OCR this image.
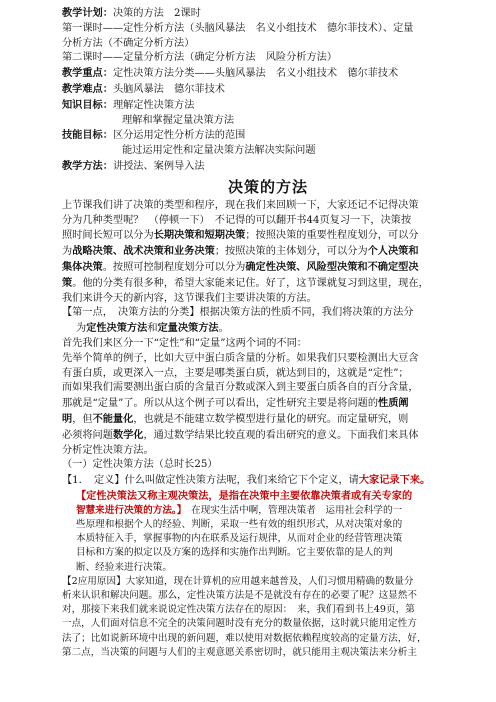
教学计划：决策的方法　2课时
第一课时——定性分析方法（头脑风暴法　名义小组技术　德尔菲技术）、定量
分析方法（不确定分析方法）
第二课时——定量分析方法（确定分析方法　风险分析方法）
教学重点：定性决策方法分类——头脑风暴法　名义小组技术　德尔菲技术
教学难点：头脑风暴法　德尔菲技术
知识目标：理解定性决策方法
理解和掌握定量决策方法
技能目标：区分运用定性分析方法的范围
能过运用定性和定量决策方法解决实际问题
教学方法：讲授法、案例导入法
决策的方法
上节课我们讲了决策的类型和程序，现在我们来回顾一下，大家还记不记得决策
分为几种类型呢？　（停顿一下）　不记得的可以翻开书44页复习一下，决策按
照时间长短可以分为长期决策和短期决策；按照决策的重要性程度划分，可以分
为战略决策、战术决策和业务决策；按照决策的主体划分，可以分为个人决策和
集体决策。按照可控制程度划分可以分为确定性决策、风险型决策和不确定型决
策。他的分类有很多种，希望大家能来记住。好了，这节课就复习到这里，现在，
我们来讲今天的新内容，这节课我们主要讲决策的方法。
【第一点，　决策方法的分类】根据决策方法的性质不同，我们将决策的方法分
为定性决策方法和定量决策方法。
首先我们来区分一下“定性”和“定量”这两个词的不同：
先举个简单的例子，比如大豆中蛋白质含量的分析。如果我们只要检测出大豆含
有蛋白质，或更深入一点，主要是哪类蛋白质，就达到目的，这就是“定性”；
而如果我们需要测出蛋白质的含量百分数或深入到主要蛋白质各自的百分含量，
那就是“定量”了。所以从这个例子可以看出，定性研究主要是将问题的性质阐
明，但不能量化，也就是不能建立数学模型进行量化的研究。而定量研究，则
必须将问题数学化，通过数学结果比较直观的看出研究的意义。下面我们来具体
分析定性决策方法。
（一）定性决策方法（总时长25）
【1．　定义】什么叫做定性决策方法呢，我们来给它下个定义，请大家记录下来。
【定性决策法又称主观决策法，是指在决策中主要依靠决策者或有关专家的
智慧来进行决策的方法。】　在现实生活中啊，管理决策者　运用社会科学的一
些原理和根据个人的经验、判断，采取一些有效的组织形式，从对决策对象的
本质特征入手，掌握事物的内在联系及运行规律，从而对企业的经营管理决策
目标和方案的拟定以及方案的选择和实施作出判断。它主要依靠的是人的判
断、经验来进行决策。
【2应用原因】大家知道，现在计算机的应用越来越普及，人们习惯用精确的数量分
析来认识和解决问题。那么，定性决策方法是不是就没有存在的必要了呢？这显然不
对，那接下来我们就来说说定性决策方法存在的原因：　来，我们看到书上49页，第
一点，人们面对信息不完全的决策问题时没有充分的数量依据，这时就只能用定性方
法了；比如说新环境中出现的新问题，难以使用对数据依赖程度较高的定量方法，好，
第二点，当决策的问题与人们的主观意愿关系密切时，就只能用主观决策法来分析主
